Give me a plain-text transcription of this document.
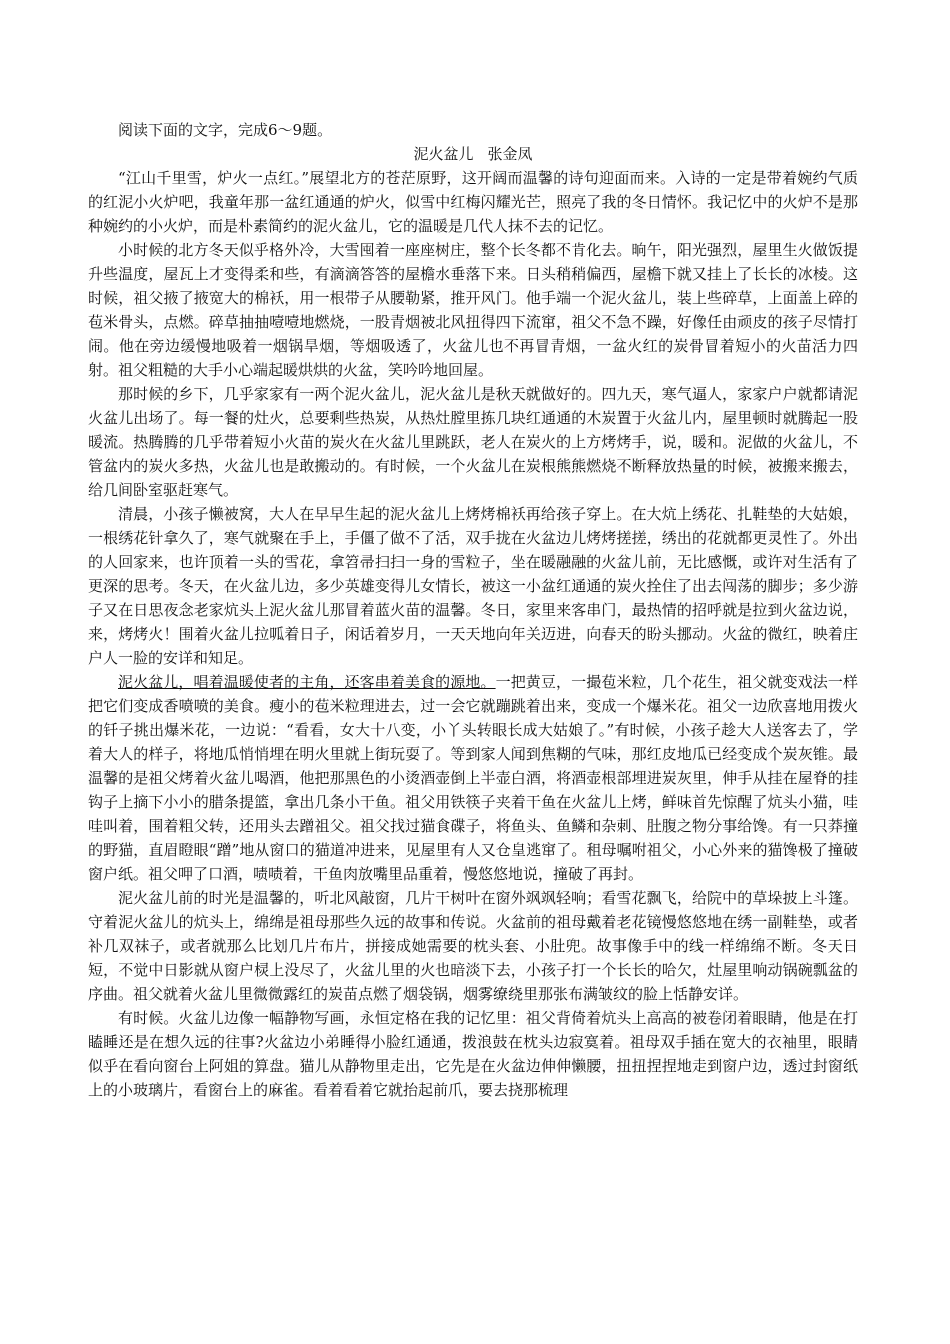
阅读下面的文字，完成6～9题。

泥火盆儿 张金凤

“江山千里雪，炉火一点红。”展望北方的苍茫原野，这开阔而温馨的诗句迎面而来。入诗的一定是带着婉约气质的红泥小火炉吧，我童年那一盆红通通的炉火，似雪中红梅闪耀光芒，照亮了我的冬日情怀。我记忆中的火炉不是那种婉约的小火炉，而是朴素简约的泥火盆儿，它的温暖是几代人抹不去的记忆。

小时候的北方冬天似乎格外冷，大雪囤着一座座树庄，整个长冬都不肯化去。晌午，阳光强烈，屋里生火做饭提升些温度，屋瓦上才变得柔和些，有滴滴答答的屋檐水垂落下来。日头稍稍偏西，屋檐下就又挂上了长长的冰棱。这时候，祖父掖了掖宽大的棉袄，用一根带子从腰勒紧，推开风门。他手端一个泥火盆儿，装上些碎草，上面盖上碎的苞米骨头，点燃。碎草抽抽噎噎地燃烧，一股青烟被北风扭得四下流窜，祖父不急不躁，好像任由顽皮的孩子尽情打闹。他在旁边缓慢地吸着一烟锅旱烟，等烟吸透了，火盆儿也不再冒青烟，一盆火红的炭骨冒着短小的火苗活力四射。祖父粗糙的大手小心端起暖烘烘的火盆，笑吟吟地回屋。

那时候的乡下，几乎家家有一两个泥火盆儿，泥火盆儿是秋天就做好的。四九天，寒气逼人，家家户户就都请泥火盆儿出场了。每一餐的灶火，总要剩些热炭，从热灶膛里拣几块红通通的木炭置于火盆儿内，屋里顿时就腾起一股暖流。热腾腾的几乎带着短小火苗的炭火在火盆儿里跳跃，老人在炭火的上方烤烤手，说，暖和。泥做的火盆儿，不管盆内的炭火多热，火盆儿也是敢搬动的。有时候，一个火盆儿在炭根熊熊燃烧不断释放热量的时候，被搬来搬去，给几间卧室驱赶寒气。

清晨，小孩子懒被窝，大人在早早生起的泥火盆儿上烤烤棉袄再给孩子穿上。在大炕上绣花、扎鞋垫的大姑娘，一根绣花针拿久了，寒气就聚在手上，手僵了做不了活，双手拢在火盆边儿烤烤搓搓，绣出的花就都更灵性了。外出的人回家来，也许顶着一头的雪花，拿笤帚扫扫一身的雪粒子，坐在暖融融的火盆儿前，无比感慨，或许对生活有了更深的思考。冬天，在火盆儿边，多少英雄变得儿女情长，被这一小盆红通通的炭火拴住了出去闯荡的脚步；多少游子又在日思夜念老家炕头上泥火盆儿那冒着蓝火苗的温馨。冬日，家里来客串门，最热情的招呼就是拉到火盆边说，来，烤烤火！围着火盆儿拉呱着日子，闲话着岁月，一天天地向年关迈进，向春天的盼头挪动。火盆的微红，映着庄户人一脸的安详和知足。

泥火盆儿，唱着温暖使者的主角，还客串着美食的源地。一把黄豆，一撮苞米粒，几个花生，祖父就变戏法一样把它们变成香喷喷的美食。瘦小的苞米粒理进去，过一会它就蹦跳着出来，变成一个爆米花。祖父一边欣喜地用拨火的钎子挑出爆米花，一边说：“看看，女大十八变，小丫头转眼长成大姑娘了。”有时候，小孩子趁大人送客去了，学着大人的样子，将地瓜悄悄埋在明火里就上街玩耍了。等到家人闻到焦糊的气味，那红皮地瓜已经变成个炭灰锥。最温馨的是祖父烤着火盆儿喝酒，他把那黑色的小烫酒壶倒上半壶白酒，将酒壶根部埋进炭灰里，伸手从挂在屋脊的挂钩子上摘下小小的腊条提篮，拿出几条小干鱼。祖父用铁筷子夹着干鱼在火盆儿上烤，鲜味首先惊醒了炕头小猫，哇哇叫着，围着粗父转，还用头去蹭祖父。祖父找过猫食碟子，将鱼头、鱼鳞和杂刺、肚腹之物分事给馋。有一只莽撞的野猫，直眉瞪眼“蹭”地从窗口的猫道冲进来，见屋里有人又仓皇逃窜了。租母嘱咐祖父，小心外来的猫馋极了撞破窗户纸。祖父呷了口酒，啧啧着，干鱼肉放嘴里品重着，慢悠悠地说，撞破了再封。

泥火盆儿前的时光是温馨的，听北风敲窗，几片干树叶在窗外飒飒轻响；看雪花飘飞，给院中的草垛披上斗篷。守着泥火盆儿的炕头上，绵绵是祖母那些久远的故事和传说。火盆前的祖母戴着老花镜慢悠悠地在绣一副鞋垫，或者补几双袜子，或者就那么比划几片布片，拼接成她需要的枕头套、小肚兜。故事像手中的线一样绵绵不断。冬天日短，不觉中日影就从窗户棂上没尽了，火盆儿里的火也暗淡下去，小孩子打一个长长的哈欠，灶屋里响动锅碗瓢盆的序曲。祖父就着火盆儿里微微露红的炭苗点燃了烟袋锅，烟雾缭绕里那张布满皱纹的脸上恬静安详。

有时候。火盆儿边像一幅静物写画，永恒定格在我的记忆里：祖父背倚着炕头上高高的被卷闭着眼睛，他是在打瞌睡还是在想久远的往事?火盆边小弟睡得小脸红通通，拨浪鼓在枕头边寂寞着。祖母双手插在宽大的衣袖里，眼睛似乎在看向窗台上阿姐的算盘。猫儿从静物里走出，它先是在火盆边伸伸懒腰，扭扭捏捏地走到窗户边，透过封窗纸上的小玻璃片，看窗台上的麻雀。看着看着它就抬起前爪，要去挠那梳理
